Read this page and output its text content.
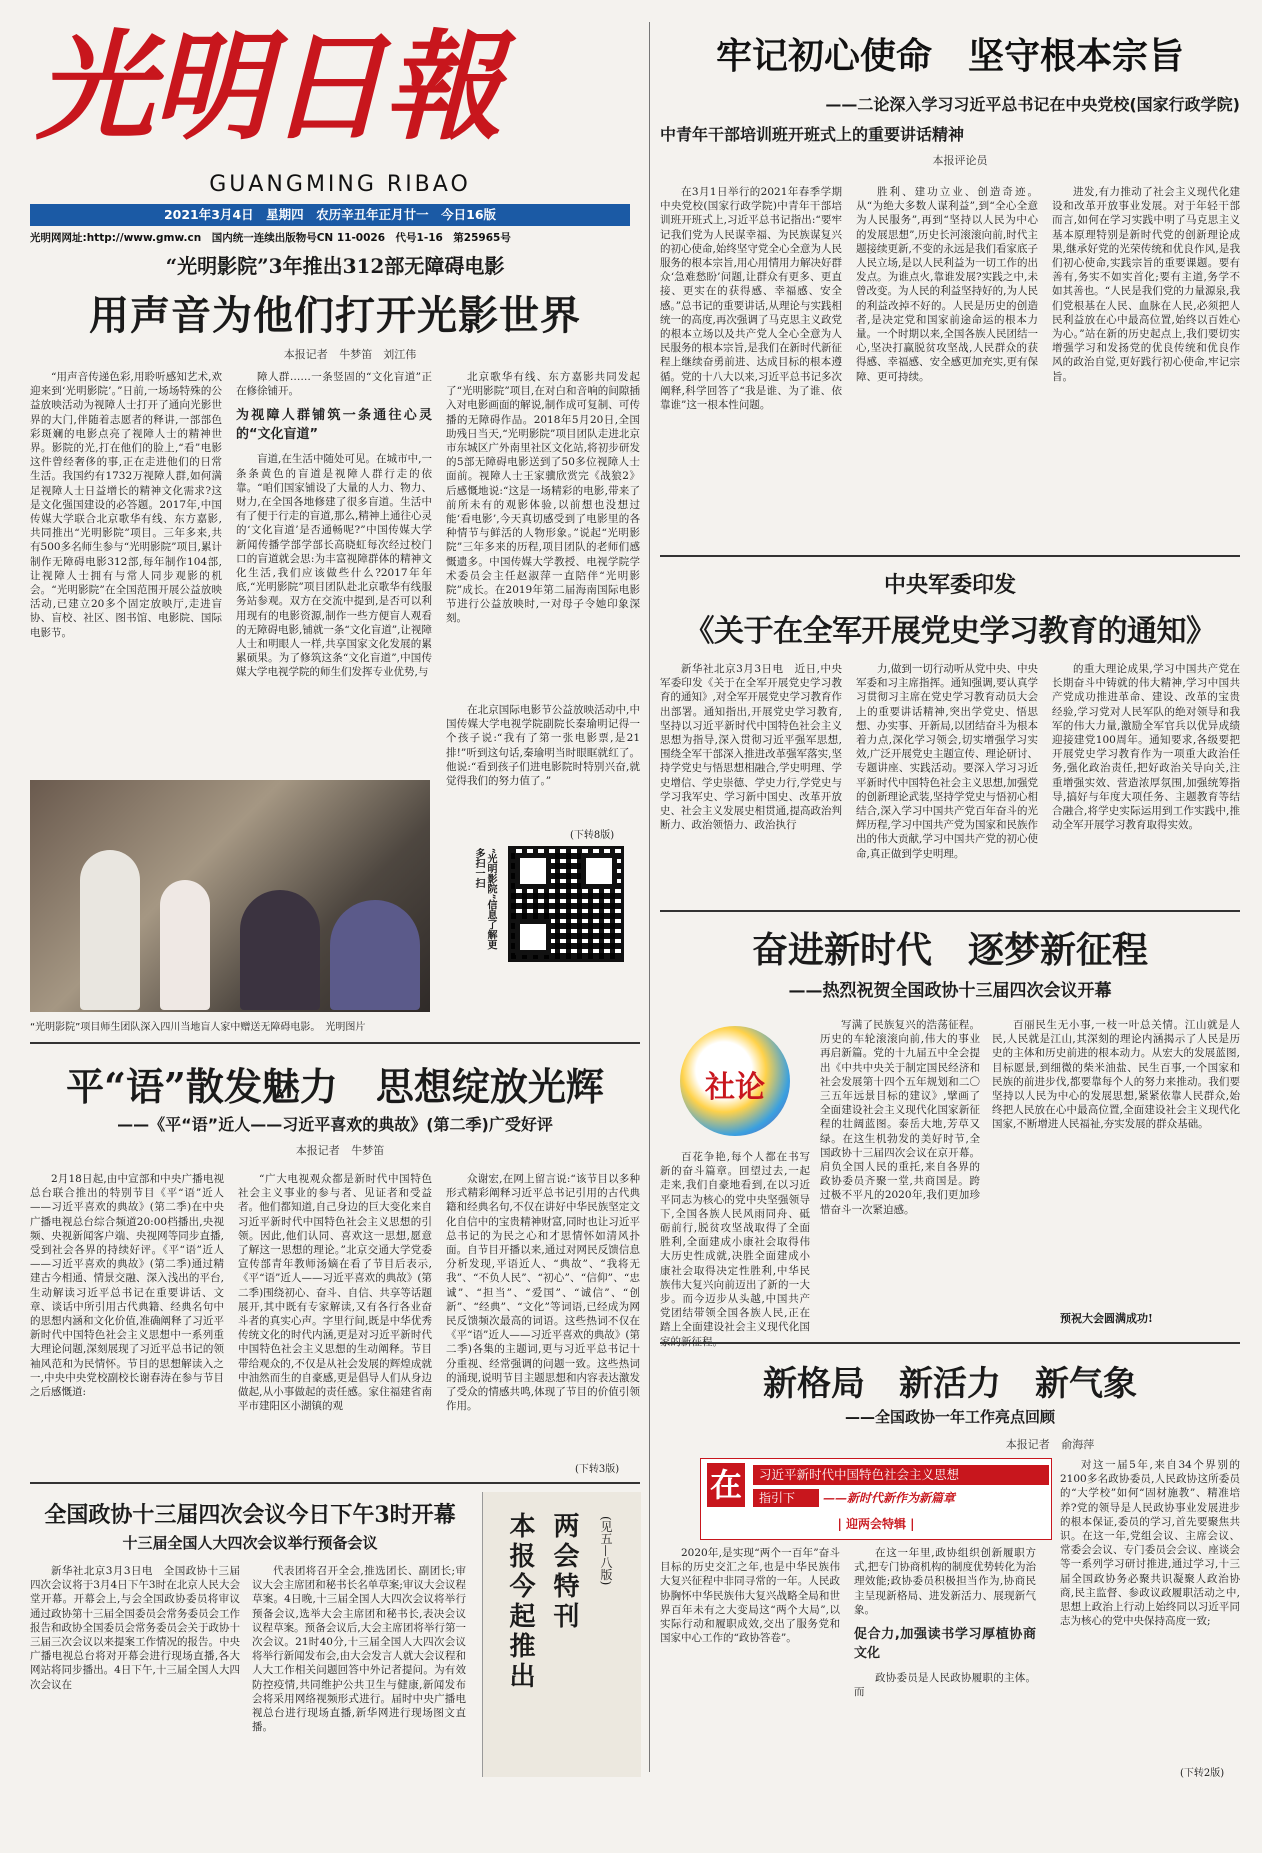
光明日報
GUANGMING RIBAO
2021年3月4日　星期四　农历辛丑年正月廿一　今日16版
光明网网址:http://www.gmw.cn　国内统一连续出版物号CN 11-0026　代号1-16　第25965号
牢记初心使命　坚守根本宗旨
——二论深入学习习近平总书记在中央党校(国家行政学院)
中青年干部培训班开班式上的重要讲话精神
本报评论员

在3月1日举行的2021年春季学期中央党校(国家行政学院)中青年干部培训班开班式上,习近平总书记指出:“要牢记我们党为人民谋幸福、为民族谋复兴的初心使命,始终坚守党全心全意为人民服务的根本宗旨,用心用情用力解决好群众‘急难愁盼’问题,让群众有更多、更直接、更实在的获得感、幸福感、安全感。”总书记的重要讲话,从理论与实践相统一的高度,再次强调了马克思主义政党的根本立场以及共产党人全心全意为人民服务的根本宗旨,是我们在新时代新征程上继续奋勇前进、达成目标的根本遵循。党的十八大以来,习近平总书记多次阐释,科学回答了“我是谁、为了谁、依靠谁”这一根本性问题。

胜利、建功立业、创造奇迹。从“为绝大多数人谋利益”,到“全心全意为人民服务”,再到“坚持以人民为中心的发展思想”,历史长河滚滚向前,时代主题接续更新,不变的永远是我们看家底子人民立场,是以人民利益为一切工作的出发点。为谁点火,靠谁发展?实践之中,未曾改变。为人民的利益坚持好的,为人民的利益改掉不好的。人民是历史的创造者,是决定党和国家前途命运的根本力量。一个时期以来,全国各族人民团结一心,坚决打赢脱贫攻坚战,人民群众的获得感、幸福感、安全感更加充实,更有保障、更可持续。

进发,有力推动了社会主义现代化建设和改革开放事业发展。对于年轻干部而言,如何在学习实践中明了马克思主义基本原理特别是新时代党的创新理论成果,继承好党的光荣传统和优良作风,是我们初心使命,实践宗旨的重要课题。要有善有,务实不如实首化;要有主道,务学不如其善也。“人民是我们党的力量源泉,我们党根基在人民、血脉在人民,必须把人民利益放在心中最高位置,始终以百姓心为心。”站在新的历史起点上,我们要切实增强学习和发扬党的优良传统和优良作风的政治自觉,更好践行初心使命,牢记宗旨。

“光明影院”3年推出312部无障碍电影
用声音为他们打开光影世界
本报记者 牛梦笛　刘江伟

“用声音传递色彩,用聆听感知艺术,欢迎来到‘光明影院’。”日前,一场场特殊的公益放映活动为视障人士打开了通向光影世界的大门,伴随着志愿者的释讲,一部部色彩斑斓的电影点亮了视障人士的精神世界。影院的光,打在他们的脸上,“看”电影这件曾经奢侈的事,正在走进他们的日常生活。我国约有1732万视障人群,如何满足视障人士日益增长的精神文化需求?这是文化强国建设的必答题。2017年,中国传媒大学联合北京歌华有线、东方嘉影,共同推出“光明影院”项目。三年多来,共有500多名师生参与“光明影院”项目,累计制作无障碍电影312部,每年制作104部,让视障人士拥有与常人同步观影的机会。“光明影院”在全国范围开展公益放映活动,已建立20多个固定放映厅,走进盲协、盲校、社区、图书馆、电影院、国际电影节。

障人群……一条竖固的“文化盲道”正在修徐铺开。

为视障人群铺筑一条通往心灵的“文化盲道”

盲道,在生活中随处可见。在城市中,一条条黄色的盲道是视障人群行走的依靠。“咱们国家铺设了大量的人力、物力、财力,在全国各地修建了很多盲道。生活中有了便于行走的盲道,那么,精神上通往心灵的‘文化盲道’是否通畅呢?”中国传媒大学新闻传播学部学部长高晓虹每次经过校门口的盲道就会思:为丰富视障群体的精神文化生活,我们应该做些什么?2017年年底,“光明影院”项目团队赴北京歌华有线服务站参观。双方在交流中提到,是否可以利用现有的电影资源,制作一些方便盲人观看的无障碍电影,铺就一条“文化盲道”,让视障人士和明眼人一样,共享国家文化发展的累累硕果。为了修筑这条“文化盲道”,中国传媒大学电视学院的师生们发挥专业优势,与

北京歌华有线、东方嘉影共同发起了“光明影院”项目,在对白和音响的间隙插入对电影画面的解说,制作成可复制、可传播的无障碍作品。2018年5月20日,全国助残日当天,“光明影院”项目团队走进北京市东城区广外南里社区文化站,将初步研发的5部无障碍电影送到了50多位视障人士面前。视障人士王家骥欣赏完《战狼2》后感慨地说:“这是一场精彩的电影,带来了前所未有的观影体验,以前想也没想过能‘看电影’,今天真切感受到了电影里的各种情节与鲜活的人物形象。”说起“光明影院”三年多来的历程,项目团队的老师们感慨遗多。中国传媒大学教授、电视学院学术委员会主任赵淑萍一直陪伴“光明影院”成长。在2019年第二届海南国际电影节进行公益放映时,一对母子令她印象深刻。

在北京国际电影节公益放映活动中,中国传媒大学电视学院副院长秦瑜明记得一个孩子说:“我有了第一张电影票,是21排!”听到这句话,秦瑜明当时眼眶就红了。他说:“看到孩子们进电影院时特别兴奋,就觉得我们的努力值了。”

(下转8版)
“光明影院”项目师生团队深入四川当地盲人家中赠送无障碍电影。　光明图片
“光明影院”信息了解更多扫一扫
中央军委印发
《关于在全军开展党史学习教育的通知》

新华社北京3月3日电　近日,中央军委印发《关于在全军开展党史学习教育的通知》,对全军开展党史学习教育作出部署。通知指出,开展党史学习教育,坚持以习近平新时代中国特色社会主义思想为指导,深入贯彻习近平强军思想,围绕全军干部深入推进改革强军落实,坚持学党史与悟思想相融合,学史明理、学史增信、学史崇德、学史力行,学党史与学习我军史、学习新中国史、改革开放史、社会主义发展史相贯通,提高政治判断力、政治领悟力、政治执行

力,做到一切行动听从党中央、中央军委和习主席指挥。通知强调,要认真学习贯彻习主席在党史学习教育动员大会上的重要讲话精神,突出学党史、悟思想、办实事、开新局,以团结奋斗为根本着力点,深化学习领会,切实增强学习实效,广泛开展党史主题宣传、理论研讨、专题讲座、实践活动。要深入学习习近平新时代中国特色社会主义思想,加强党的创新理论武装,坚持学党史与悟初心相结合,深入学习中国共产党百年奋斗的光辉历程,学习中国共产党为国家和民族作出的伟大贡献,学习中国共产党的初心使命,真正做到学史明理。

的重大理论成果,学习中国共产党在长期奋斗中铸就的伟大精神,学习中国共产党成功推进革命、建设、改革的宝贵经验,学习党对人民军队的绝对领导和我军的伟大力量,激励全军官兵以优异成绩迎接建党100周年。通知要求,各级要把开展党史学习教育作为一项重大政治任务,强化政治责任,把好政治关导向关,注重增强实效、营造浓厚氛围,加强统筹指导,搞好与年度大项任务、主题教育等结合融合,将学史实际运用到工作实践中,推动全军开展学习教育取得实效。

奋进新时代　逐梦新征程
——热烈祝贺全国政协十三届四次会议开幕
社论

写满了民族复兴的浩荡征程。历史的车轮滚滚向前,伟大的事业再启新篇。党的十九届五中全会提出《中共中央关于制定国民经济和社会发展第十四个五年规划和二〇三五年远景目标的建议》,擘画了全面建设社会主义现代化国家新征程的壮阔蓝图。泰岳大地,芳草又绿。在这生机勃发的美好时节,全国政协十三届四次会议在京开幕。肩负全国人民的重托,来自各界的政协委员齐聚一堂,共商国是。跨过极不平凡的2020年,我们更加珍惜奋斗一次紧迫感。

百花争艳,每个人都在书写新的奋斗篇章。回望过去,一起走来,我们自豪地看到,在以习近平同志为核心的党中央坚强领导下,全国各族人民风雨同舟、砥砺前行,脱贫攻坚战取得了全面胜利,全面建成小康社会取得伟大历史性成就,决胜全面建成小康社会取得决定性胜利,中华民族伟大复兴向前迈出了新的一大步。而今迈步从头越,中国共产党团结带领全国各族人民,正在踏上全面建设社会主义现代化国

百丽民生无小事,一枝一叶总关情。江山就是人民,人民就是江山,其深刻的理论内涵揭示了人民是历史的主体和历史前进的根本动力。从宏大的发展蓝图,目标愿景,到细微的柴米油盐、民生百事,一个国家和民族的前进步伐,都要靠每个人的努力来推动。我们要坚持以人民为中心的发展思想,紧紧依靠人民群众,始终把人民放在心中最高位置,全面建设社会主义现代化国家,不断增进人民福祉,夯实发展的群众基础。

预祝大会圆满成功!
平“语”散发魅力　思想绽放光辉
——《平“语”近人——习近平喜欢的典故》(第二季)广受好评
本报记者 牛梦笛

2月18日起,由中宣部和中央广播电视总台联合推出的特别节目《平“语”近人——习近平喜欢的典故》(第二季)在中央广播电视总台综合频道20:00档播出,央视频、央视新闻客户端、央视网等同步直播,受到社会各界的持续好评。《平“语”近人——习近平喜欢的典故》(第二季)通过精建古今相通、情景交融、深入浅出的平台,生动解读习近平总书记在重要讲话、文章、谈话中所引用古代典籍、经典名句中的思想内涵和文化价值,准确阐释了习近平新时代中国特色社会主义思想中一系列重大理论问题,深刻展现了习近平总书记的领袖风范和为民情怀。节目的思想解读入之一,中央中央党校副校长谢春涛在参与节目之后感慨道:

“广大电视观众都是新时代中国特色社会主义事业的参与者、见证者和受益者。他们都知道,自己身边的巨大变化来自习近平新时代中国特色社会主义思想的引领。因此,他们认同、喜欢这一思想,愿意了解这一思想的理论。”北京交通大学党委宣传部青年教师汤嫡在看了节目后表示,《平“语”近人——习近平喜欢的典故》(第二季)围绕初心、奋斗、自信、共享等话题展开,其中既有专家解读,又有各行各业奋斗者的真实心声。字里行间,既是中华优秀传统文化的时代内涵,更是对习近平新时代中国特色社会主义思想的生动阐释。节目带给观众的,不仅是从社会发展的辉煌成就中油然而生的自豪感,更是倡导人们从身边做起,从小事做起的责任感。家住福建省南平市建阳区小湖镇的观

众谢宏,在网上留言说:“该节目以多种形式精彩阐释习近平总书记引用的古代典籍和经典名句,不仅在讲好中华民族坚定文化自信中的宝贵精神财富,同时也让习近平总书记的为民之心和才思情怀如清风扑面。自节目开播以来,通过对网民反馈信息分析发现,平语近人、“典故”、“我将无我”、“不负人民”、“初心”、“信仰”、“忠诚”、“担当”、“爱国”、“诚信”、“创新”、“经典”、“文化”等词语,已经成为网民反馈频次最高的词语。这些热词不仅在《平“语”近人——习近平喜欢的典故》(第二季)各集的主题词,更与习近平总书记十分重视、经常强调的问题一致。这些热词的涌现,说明节目主题思想和内容表达激发了受众的情感共鸣,体现了节目的价值引领作用。

(下转3版)
全国政协十三届四次会议今日下午3时开幕
十三届全国人大四次会议举行预备会议

新华社北京3月3日电　全国政协十三届四次会议将于3月4日下午3时在北京人民大会堂开幕。开幕会上,与会全国政协委员将审议通过政协第十三届全国委员会常务委员会工作报告和政协全国委员会常务委员会关于政协十三届三次会议以来提案工作情况的报告。中央广播电视总台将对开幕会进行现场直播,各大网站将同步播出。4日下午,十三届全国人大四次会议在

代表团将召开全会,推选团长、副团长;审议大会主席团和秘书长名单草案;审议大会议程草案。4日晚,十三届全国人大四次会议将举行预备会议,选举大会主席团和秘书长,表决会议议程草案。预备会议后,大会主席团将举行第一次会议。21时40分,十三届全国人大四次会议将举行新闻发布会,由大会发言人就大会议程和人大工作相关问题回答中外记者提问。为有效防控疫情,共同维护公共卫生与健康,新闻发布会将采用网络视频形式进行。届时中央广播电视总台进行现场直播,新华网进行现场图文直播。

本报今起推出 两会特刊	(见五—八版)
新格局　新活力　新气象
——全国政协一年工作亮点回顾
本报记者 俞海萍
在	习近平新时代中国特色社会主义思想
指引下	——新时代新作为新篇章
| 迎两会特辑 |

2020年,是实现“两个一百年”奋斗目标的历史交汇之年,也是中华民族伟大复兴征程中非同寻常的一年。人民政协胸怀中华民族伟大复兴战略全局和世界百年未有之大变局这“两个大局”,以实际行动和履职成效,交出了服务党和国家中心工作的“政协答卷”。

在这一年里,政协组织创新履职方式,把专门协商机构的制度优势转化为治理效能;政协委员积极担当作为,协商民主呈现新格局、进发新活力、展现新气象。

促合力,加强读书学习厚植协商文化

政协委员是人民政协履职的主体。而

对这一届5年,来自34个界别的2100多名政协委员,人民政协这所委员的“大学校”如何“固材施教”、精准培养?党的领导是人民政协事业发展进步的根本保证,委员的学习,首先要聚焦共识。在这一年,党组会议、主席会议、常委会会议、专门委员会会议、座谈会等一系列学习研讨推进,通过学习,十三届全国政协务必聚共识凝聚人政治协商,民主监督、参政议政履职活动之中,思想上政治上行动上始终同以习近平同志为核心的党中央保持高度一致;

(下转2版)
